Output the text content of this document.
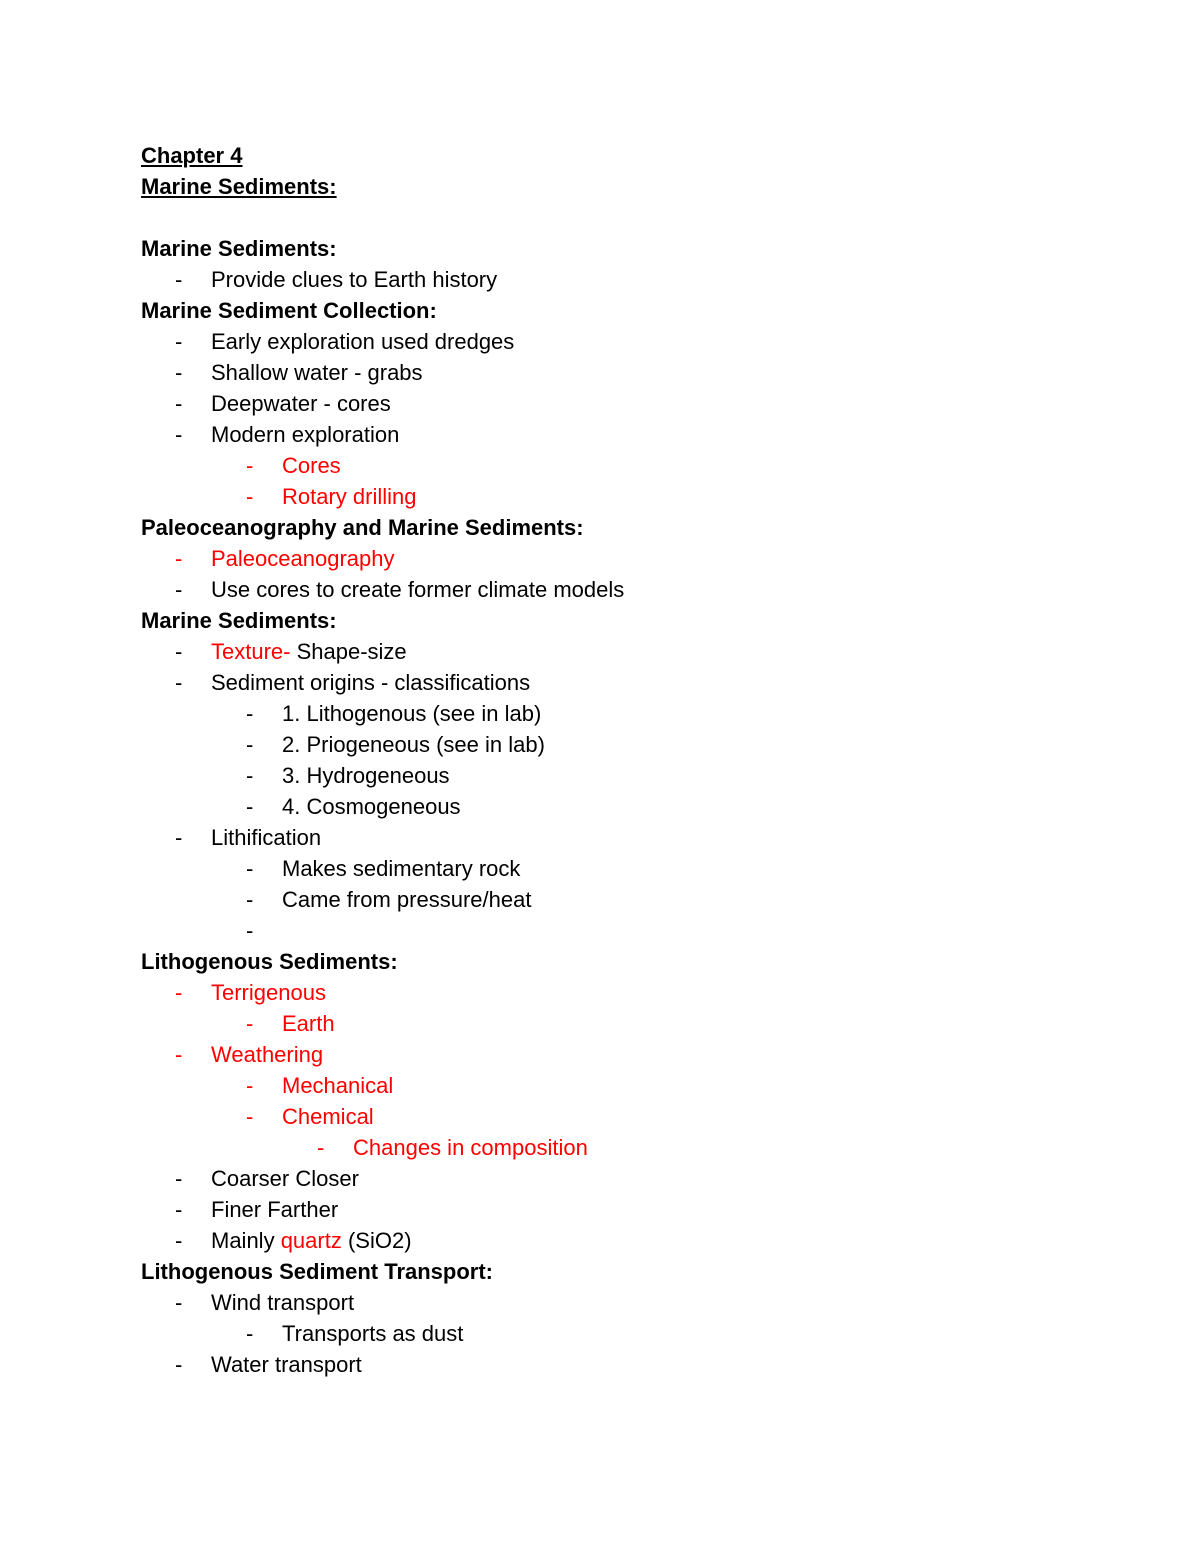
Chapter 4
Marine Sediments:
Marine Sediments:
- Provide clues to Earth history
Marine Sediment Collection:
- Early exploration used dredges
- Shallow water - grabs
- Deepwater - cores
- Modern exploration
- Cores
- Rotary drilling
Paleoceanography and Marine Sediments:
- Paleoceanography
- Use cores to create former climate models
Marine Sediments:
- Texture- Shape-size
- Sediment origins - classifications
- 1. Lithogenous (see in lab)
- 2. Priogeneous (see in lab)
- 3. Hydrogeneous
- 4. Cosmogeneous
- Lithification
- Makes sedimentary rock
- Came from pressure/heat
-
Lithogenous Sediments:
- Terrigenous
- Earth
- Weathering
- Mechanical
- Chemical
- Changes in composition
- Coarser Closer
- Finer Farther
- Mainly quartz (SiO2)
Lithogenous Sediment Transport:
- Wind transport
- Transports as dust
- Water transport
